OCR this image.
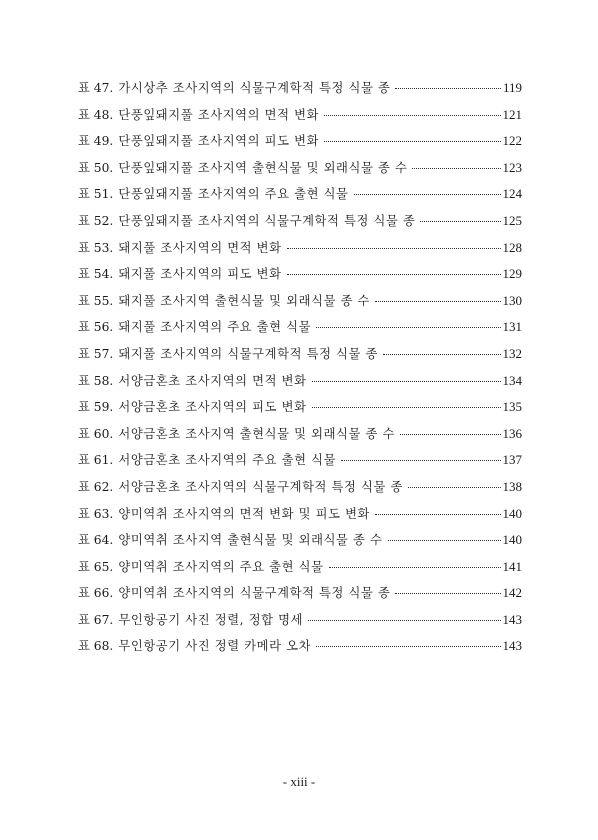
표 47. 가시상추 조사지역의 식물구계학적 특정 식물 종	119
표 48. 단풍잎돼지풀 조사지역의 면적 변화	121
표 49. 단풍잎돼지풀 조사지역의 피도 변화	122
표 50. 단풍잎돼지풀 조사지역 출현식물 및 외래식물 종 수	123
표 51. 단풍잎돼지풀 조사지역의 주요 출현 식물	124
표 52. 단풍잎돼지풀 조사지역의 식물구계학적 특정 식물 종	125
표 53. 돼지풀 조사지역의 면적 변화	128
표 54. 돼지풀 조사지역의 피도 변화	129
표 55. 돼지풀 조사지역 출현식물 및 외래식물 종 수	130
표 56. 돼지풀 조사지역의 주요 출현 식물	131
표 57. 돼지풀 조사지역의 식물구계학적 특정 식물 종	132
표 58. 서양금혼초 조사지역의 면적 변화	134
표 59. 서양금혼초 조사지역의 피도 변화	135
표 60. 서양금혼초 조사지역 출현식물 및 외래식물 종 수	136
표 61. 서양금혼초 조사지역의 주요 출현 식물	137
표 62. 서양금혼초 조사지역의 식물구계학적 특정 식물 종	138
표 63. 양미역취 조사지역의 면적 변화 및 피도 변화	140
표 64. 양미역취 조사지역 출현식물 및 외래식물 종 수	140
표 65. 양미역취 조사지역의 주요 출현 식물	141
표 66. 양미역취 조사지역의 식물구계학적 특정 식물 종	142
표 67. 무인항공기 사진 정렬, 정합 명세	143
표 68. 무인항공기 사진 정렬 카메라 오차	143
- xiii -
